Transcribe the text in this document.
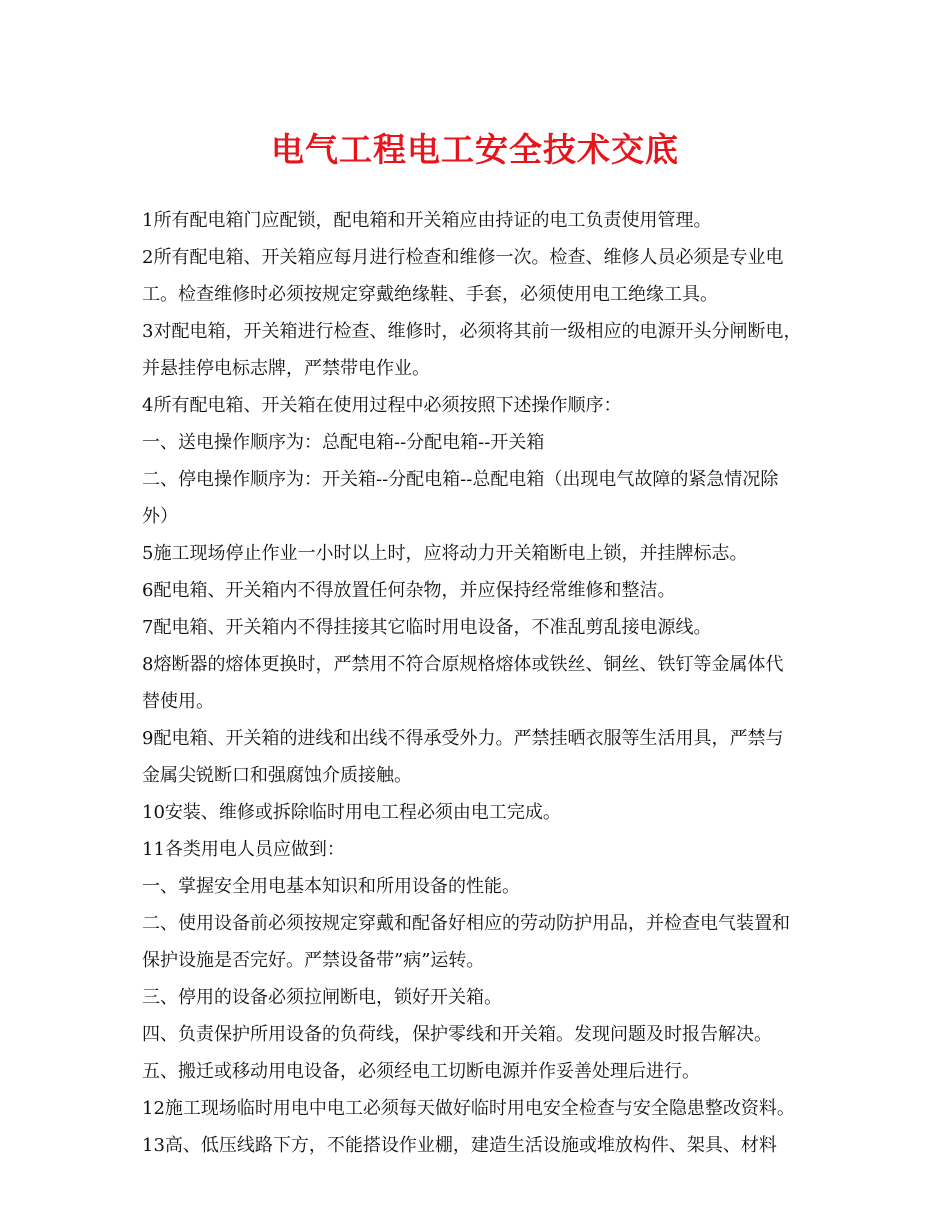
电气工程电工安全技术交底
1所有配电箱门应配锁，配电箱和开关箱应由持证的电工负责使用管理。
2所有配电箱、开关箱应每月进行检查和维修一次。检查、维修人员必须是专业电
工。检查维修时必须按规定穿戴绝缘鞋、手套，必须使用电工绝缘工具。
3对配电箱，开关箱进行检查、维修时，必须将其前一级相应的电源开头分闸断电，
并悬挂停电标志牌，严禁带电作业。
4所有配电箱、开关箱在使用过程中必须按照下述操作顺序：
一、送电操作顺序为：总配电箱--分配电箱--开关箱
二、停电操作顺序为：开关箱--分配电箱--总配电箱（出现电气故障的紧急情况除
外）
5施工现场停止作业一小时以上时，应将动力开关箱断电上锁，并挂牌标志。
6配电箱、开关箱内不得放置任何杂物，并应保持经常维修和整洁。
7配电箱、开关箱内不得挂接其它临时用电设备，不准乱剪乱接电源线。
8熔断器的熔体更换时，严禁用不符合原规格熔体或铁丝、铜丝、铁钉等金属体代
替使用。
9配电箱、开关箱的进线和出线不得承受外力。严禁挂晒衣服等生活用具，严禁与
金属尖锐断口和强腐蚀介质接触。
10安装、维修或拆除临时用电工程必须由电工完成。
11各类用电人员应做到：
一、掌握安全用电基本知识和所用设备的性能。
二、使用设备前必须按规定穿戴和配备好相应的劳动防护用品，并检查电气装置和
保护设施是否完好。严禁设备带”病”运转。
三、停用的设备必须拉闸断电，锁好开关箱。
四、负责保护所用设备的负荷线，保护零线和开关箱。发现问题及时报告解决。
五、搬迁或移动用电设备，必须经电工切断电源并作妥善处理后进行。
12施工现场临时用电中电工必须每天做好临时用电安全检查与安全隐患整改资料。
13高、低压线路下方，不能搭设作业棚，建造生活设施或堆放构件、架具、材料
